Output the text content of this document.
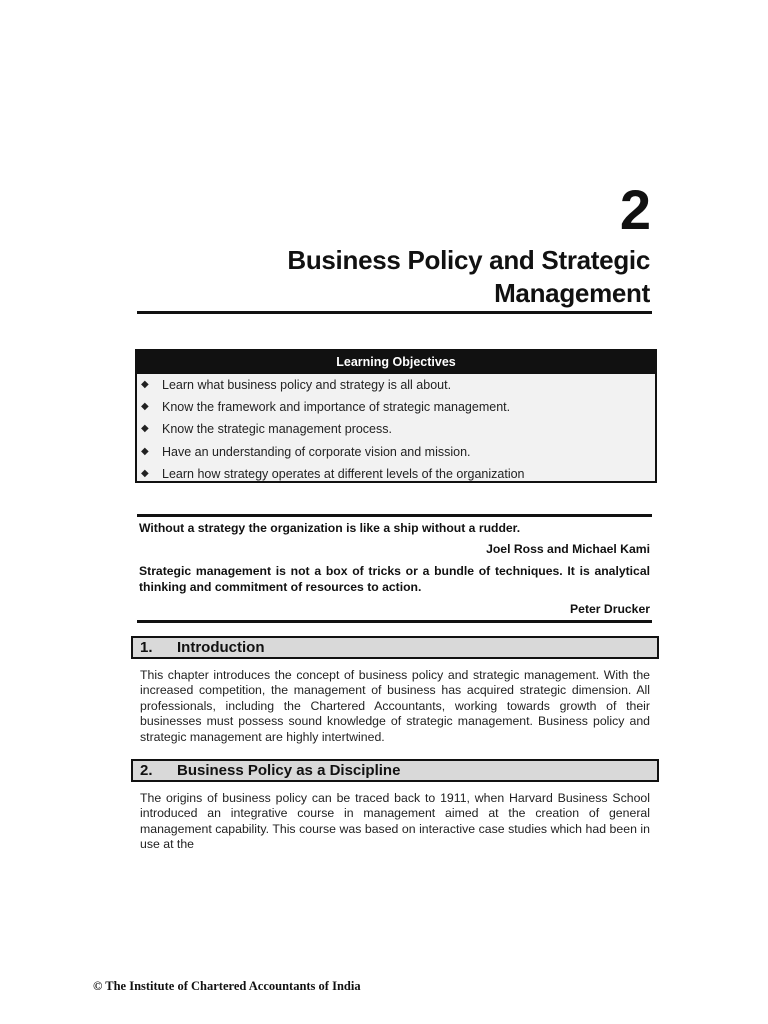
2
Business Policy and Strategic
Management
Learning Objectives
◆ Learn what business policy and strategy is all about.
◆ Know the framework and importance of strategic management.
◆ Know the strategic management process.
◆ Have an understanding of corporate vision and mission.
◆ Learn how strategy operates at different levels of the organization
Without a strategy the organization is like a ship without a rudder.
Joel Ross and Michael Kami
Strategic management is not a box of tricks or a bundle of techniques. It is analytical thinking and commitment of resources to action.
Peter Drucker
1. Introduction
This chapter introduces the concept of business policy and strategic management. With the increased competition, the management of business has acquired strategic dimension. All professionals, including the Chartered Accountants, working towards growth of their businesses must possess sound knowledge of strategic management. Business policy and strategic management are highly intertwined.
2. Business Policy as a Discipline
The origins of business policy can be traced back to 1911, when Harvard Business School introduced an integrative course in management aimed at the creation of general management capability. This course was based on interactive case studies which had been in use at the
© The Institute of Chartered Accountants of India
